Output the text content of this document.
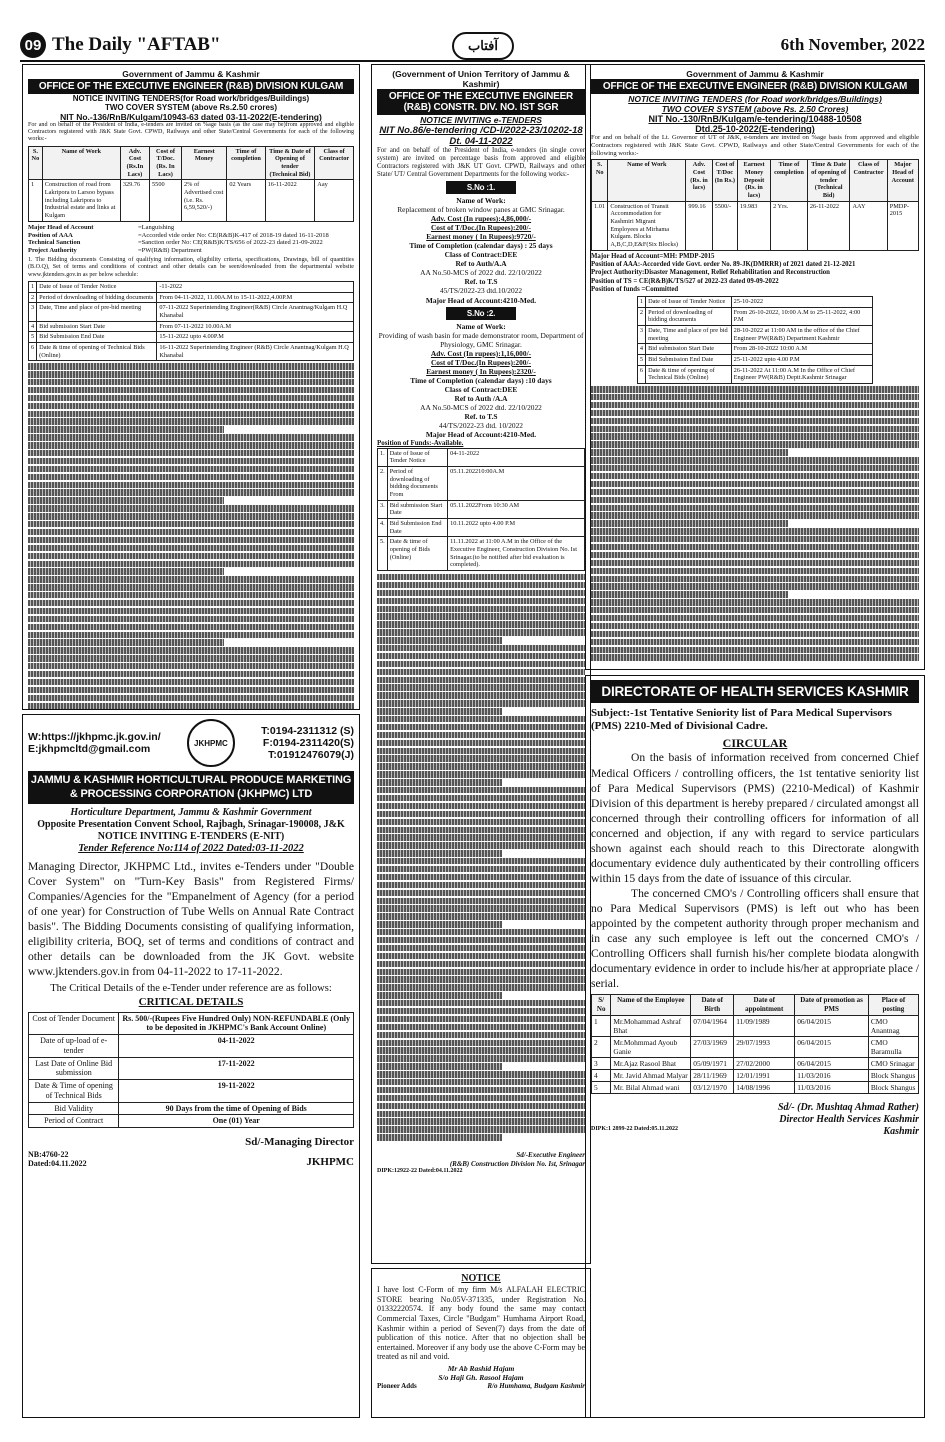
09 The Daily "AFTAB"	آفتاب	6th November, 2022
Government of Jammu & Kashmir
OFFICE OF THE EXECUTIVE ENGINEER (R&B) DIVISION KULGAM
NOTICE INVITING TENDERS(for Road work/bridges/Buildings)
TWO COVER SYSTEM (above Rs.2.50 crores)
NIT No.-136/RnB/Kulgam/10943-63 dated 03-11-2022(E-tendering)
For and on behalf of the President of India, e-tenders are invited on %age basis (as the case may be)from approved and eligible Contractors registered with J&K State Govt. CPWD, Railways and other State/Central Governments for each of the following works:-
S. No	Name of Work	Adv. Cost (Rs.In Lacs)	Cost of T/Doc. (Rs. In Lacs)	Earnest Money	Time of completion	Time & Date of Opening of tender (Technical Bid)	Class of Contractor
1	Construction of road from Lakripora to Larsoo bypass including Lakripora to Industrial estate and links at Kulgam	329.76	5500	2% of Advertised cost (i.e. Rs. 6,59,520/-)	02 Years	16-11-2022	Aay
Major Head of Account	=Languishing
Position of AAA	=Accorded vide order No: CE(R&B)K-417 of 2018-19 dated 16-11-2018
Technical Sanction	=Sanction order No: CE(R&B)K/TS/656 of 2022-23 dated 21-09-2022
Project Authority	=PW(R&B) Department
1. The Bidding documents Consisting of qualifying information, eligibility criteria, specifications, Drawings, bill of quantities (B.O.Q), Set of terms and conditions of contract and other details can be seen/downloaded from the departmental website www.jktenders.gov.in as per below schedule:
1	Date of Issue of Tender Notice	-11-2022
2	Period of downloading of bidding documents	From 04-11-2022, 11.00A.M to 15-11-2022,4.00P.M
3	Date, Time and place of pre-bid meeting	07-11-2022 Superintending Engineer(R&B) Circle Anantnag/Kulgam H.Q Khanabal
4	Bid submission Start Date	From 07-11-2022 10.00A.M
5	Bid Submission End Date	15-11-2022 upto 4.00P.M
6	Date & time of opening of Technical Bids (Online)	16-11-2022 Superintending Engineer (R&B) Circle Anantnag/Kulgam H.Q Khanabal
W:https://jkhpmc.jk.gov.in/
E:jkhpmcltd@gmail.com	JKHPMC
T:0194-2311312 (S)
F:0194-2311420(S)
T:01912476079(J)
JAMMU & KASHMIR HORTICULTURAL PRODUCE MARKETING & PROCESSING CORPORATION (JKHPMC) LTD
Horticulture Department, Jammu & Kashmir Government
Opposite Presentation Convent School, Rajbagh, Srinagar-190008, J&K
NOTICE INVITING E-TENDERS (E-NIT)
Tender Reference No:114 of 2022 Dated:03-11-2022
Managing Director, JKHPMC Ltd., invites e-Tenders under "Double Cover System" on "Turn-Key Basis" from Registered Firms/ Companies/Agencies for the "Empanelment of Agency (for a period of one year) for Construction of Tube Wells on Annual Rate Contract basis". The Bidding Documents consisting of qualifying information, eligibility criteria, BOQ, set of terms and conditions of contract and other details can be downloaded from the JK Govt. website www.jktenders.gov.in from 04-11-2022 to 17-11-2022.
The Critical Details of the e-Tender under reference are as follows:
CRITICAL DETAILS
Cost of Tender Document	Rs. 500/-(Rupees Five Hundred Only) NON-REFUNDABLE (Only to be deposited in JKHPMC's Bank Account Online)
Date of up-load of e-tender	04-11-2022
Last Date of Online Bid submission	17-11-2022
Date & Time of opening of Technical Bids	19-11-2022
Bid Validity	90 Days from the time of Opening of Bids
Period of Contract	One (01) Year
Sd/-Managing Director
NB:4760-22
Dated:04.11.2022	JKHPMC
(Government of Union Territory of Jammu & Kashmir)
OFFICE OF THE EXECUTIVE ENGINEER (R&B) CONSTR. DIV. NO. IST SGR
NOTICE INVITING e-TENDERS
NIT No.86/e-tendering /CD-I/2022-23/10202-18 Dt. 04-11-2022
For and on behalf of the President of India, e-tenders (in single cover system) are invited on percentage basis from approved and eligible Contractors registered with J&K UT Govt. CPWD, Railways and other State/ UT/ Central Government Departments for the following works:-
S.No :1.
Name of Work:
Replacement of broken window panes at GMC Srinagar.
Adv. Cost (In rupees):4,86,000/-
Cost of T/Doc.(In Rupees):200/-
Earnest money ( In Rupees):9720/-
Time of Completion (calendar days) : 25 days
Class of Contract:DEE
Ref to Auth/A.A
AA No.50-MCS of 2022 dtd. 22/10/2022
Ref. to T.S
45/TS/2022-23 dtd.10/2022
Major Head of Account:4210-Med.
S.No :2.
Name of Work:
Providing of wash basin for made demonstrator room, Department of Physiology, GMC Srinagar.
Adv. Cost (In rupees):1,16,000/-
Cost of T/Doc.(In Rupees):200/-
Earnest money ( In Rupees):2320/-
Time of Completion (calendar days) :10 days
Class of Contract:DEE
Ref to Auth /A.A
AA No.50-MCS of 2022 dtd. 22/10/2022
Ref. to T.S
44/TS/2022-23 dtd. 10/2022
Major Head of Account:4210-Med.
Position of Funds:-Available.
1.	Date of Issue of Tender Notice	04-11-2022
2.	Period of downloading of bidding documents From	05.11.202210:00A.M
3.	Bid submission Start Date	05.11.2022From 10:30 AM
4.	Bid Submission End Date	10.11.2022 upto 4.00 P.M
5.	Date & time of opening of Bids (Online)	11.11.2022 at 11:00 A.M in the Office of the Executive Engineer, Construction Division No. Ist Srinagar.(to be notified after bid evaluation is completed).
Sd/-Executive Engineer
(R&B) Construction Division No. Ist, Srinagar
DIPK:12922-22 Dated:04.11.2022
NOTICE
I have lost C-Form of my firm M/s ALFALAH ELECTRIC STORE bearing No.05V-371335, under Registration No. 01332220574. If any body found the same may contact Commercial Taxes, Circle "Budgam" Humhama Airport Road, Kashmir within a period of Seven(7) days from the date of publication of this notice. After that no objection shall be entertained. Moreover if any body use the above C-Form may be treated as nil and void.
Mr Ab Rashid Hajam
S/o Haji Gh. Rasool Hajam
Pioneer Adds	R/o Humhama, Budgam Kashmir
Government of Jammu & Kashmir
OFFICE OF THE EXECUTIVE ENGINEER (R&B) DIVISION KULGAM
NOTICE INVITING TENDERS (for Road work/bridges/Buildings)
TWO COVER SYSTEM (above Rs. 2.50 Crores)
NIT No.-130/RnB/Kulgam/e-tendering/10488-10508
Dtd.25-10-2022(E-tendering)
For and on behalf of the Lt. Governor of UT of J&K, e-tenders are invited on %age basis from approved and eligible Contractors registered with J&K State Govt. CPWD, Railways and other State/Central Governments for each of the following works:-
S. No	Name of Work	Adv. Cost (Rs. in lacs)	Cost of T/Doc (In Rs.)	Earnest Money Deposit (Rs. in lacs)	Time of completion	Time & Date of opening of tender (Technical Bid)	Class of Contractor	Major Head of Account
1.01	Construction of Transit Accommodation for Kashmiri Migrant Employees at Mirhama Kulgam. Blocks A,B,C,D,E&F(Six Blocks)	999.16	5500/-	19.983	2 Yrs.	26-11-2022	AAY	PMDP-2015
Major Head of Account=MH: PMDP-2015
Position of AAA:-Accorded vide Govt. order No. 89-JK(DMRRR) of 2021 dated 21-12-2021
Project Authority:Disaster Management, Relief Rehabilitation and Reconstruction
Position of TS = CE(R&B)K/TS/527 of 2022-23 dated 09-09-2022
Position of funds =Committed
1	Date of Issue of Tender Notice	25-10-2022
2	Period of downloading of bidding documents	From 26-10-2022, 10:00 A.M to 25-11-2022, 4:00 P.M
3	Date, Time and place of pre bid meeting	28-10-2022 at 11:00 AM in the office of the Chief Engineer PW(R&B) Department Kashmir
4	Bid submission Start Date	From 28-10-2022 10:00 A.M
5	Bid Submission End Date	25-11-2022 upto 4.00 P.M
6	Date & time of opening of Technical Bids (Online)	26-11-2022 At 11:00 A.M In the Office of Chief Engineer PW(R&B) Deptt.Kashmir Srinagar
DIRECTORATE OF HEALTH SERVICES KASHMIR
Subject:-1st Tentative Seniority list of Para Medical Supervisors (PMS) 2210-Med of Divisional Cadre.
CIRCULAR
On the basis of information received from concerned Chief Medical Officers / controlling officers, the 1st tentative seniority list of Para Medical Supervisors (PMS) (2210-Medical) of Kashmir Division of this department is hereby prepared / circulated amongst all concerned through their controlling officers for information of all concerned and objection, if any with regard to service particulars shown against each should reach to this Directorate alongwith documentary evidence duly authenticated by their controlling officers within 15 days from the date of issuance of this circular.
The concerned CMO's / Controlling officers shall ensure that no Para Medical Supervisors (PMS) is left out who has been appointed by the competent authority through proper mechanism and in case any such employee is left out the concerned CMO's / Controlling Officers shall furnish his/her complete biodata alongwith documentary evidence in order to include his/her at appropriate place / serial.
S/ No	Name of the Employee	Date of Birth	Date of appointment	Date of promotion as PMS	Place of posting
1	Mr.Mohammad Ashraf Bhat	07/04/1964	11/09/1989	06/04/2015	CMO Anantnag
2	Mr.Mohmmad Ayoub Ganie	27/03/1969	29/07/1993	06/04/2015	CMO Baramulla
3	Mr.Ajaz Rasool Bhat	05/09/1971	27/02/2000	06/04/2015	CMO Srinagar
4	Mr. Javid Ahmad Malyar	28/11/1969	12/01/1991	11/03/2016	Block Shangus
5	Mr. Bilal Ahmad wani	03/12/1970	14/08/1996	11/03/2016	Block Shangus
Sd/- (Dr. Mushtaq Ahmad Rather)
Director Health Services Kashmir
DIPK:1 2899-22 Dated:05.11.2022	Kashmir
